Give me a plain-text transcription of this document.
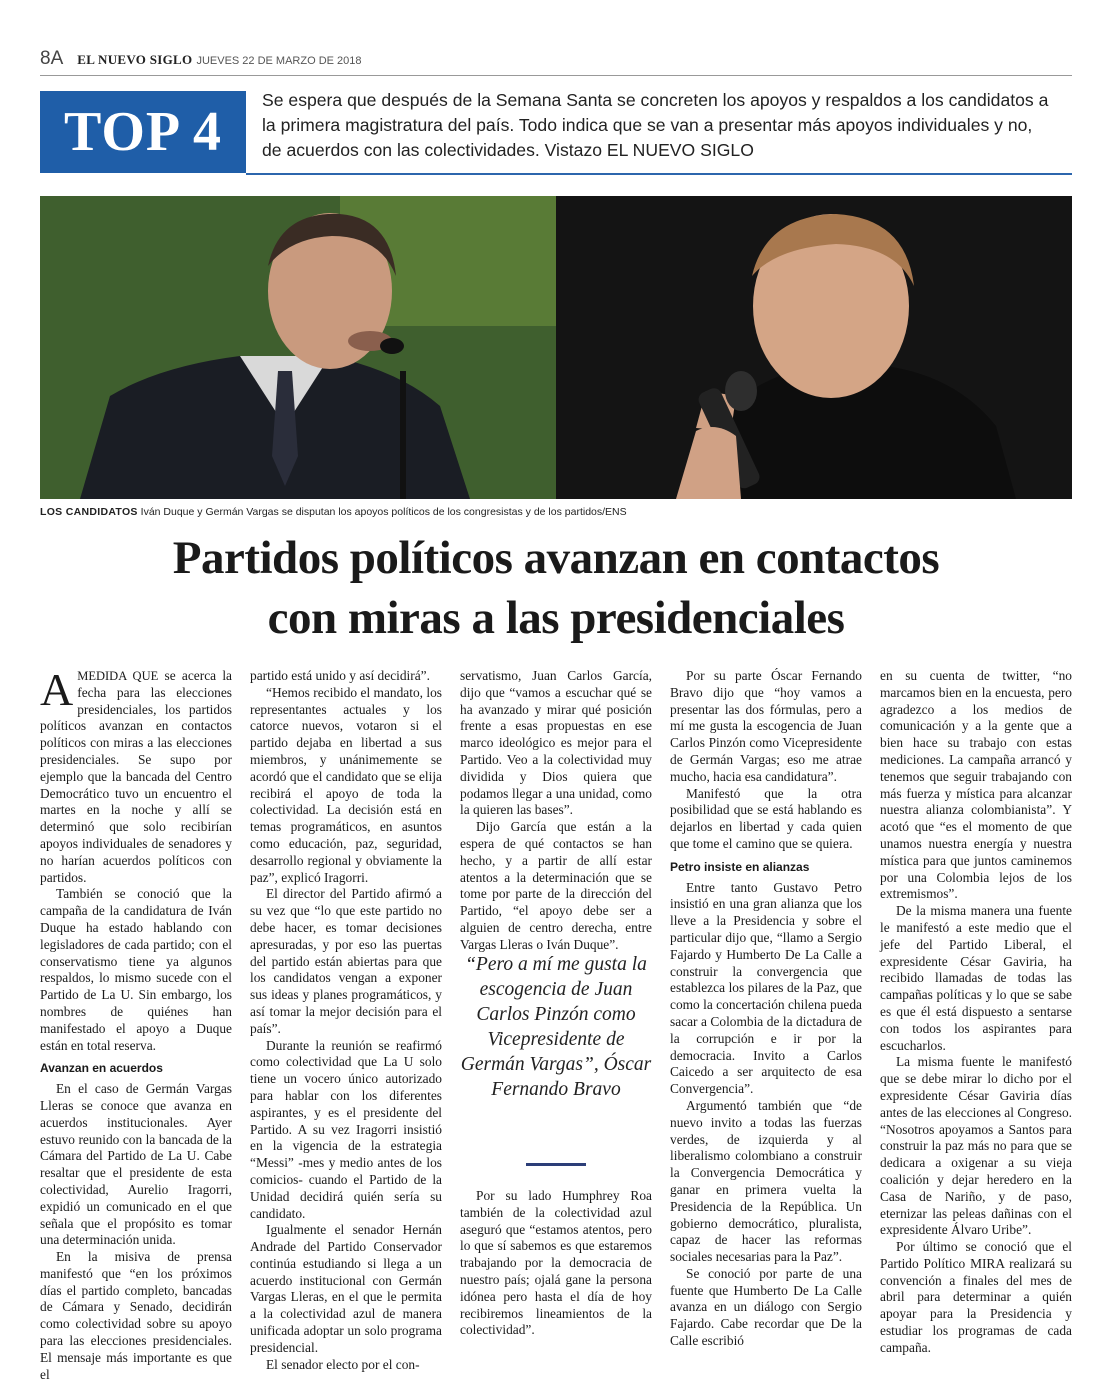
8A EL NUEVO SIGLO JUEVES 22 DE MARZO DE 2018
TOP 4
Se espera que después de la Semana Santa se concreten los apoyos y respaldos a los candidatos a la primera magistratura del país. Todo indica que se van a presentar más apoyos individuales y no, de acuerdos con las colectividades. Vistazo EL NUEVO SIGLO
LOS CANDIDATOS Iván Duque y Germán Vargas se disputan los apoyos políticos de los congresistas y de los partidos/ENS
Partidos políticos avanzan en contactos
con miras a las presidenciales

AMEDIDA QUE se acerca la fecha para las elecciones presidenciales, los partidos políticos avanzan en contactos políticos con miras a las elecciones presidenciales. Se supo por ejemplo que la bancada del Centro Democrático tuvo un encuentro el martes en la noche y allí se determinó que solo recibirían apoyos individuales de senadores y no harían acuerdos políticos con partidos.

También se conoció que la campaña de la candidatura de Iván Duque ha estado hablando con legisladores de cada partido; con el conservatismo tiene ya algunos respaldos, lo mismo sucede con el Partido de La U. Sin embargo, los nombres de quiénes han manifestado el apoyo a Duque están en total reserva.

Avanzan en acuerdos

En el caso de Germán Vargas Lleras se conoce que avanza en acuerdos institucionales. Ayer estuvo reunido con la bancada de la Cámara del Partido de La U. Cabe resaltar que el presidente de esta colectividad, Aurelio Iragorri, expidió un comunicado en el que señala que el propósito es tomar una determinación unida.

En la misiva de prensa manifestó que “en los próximos días el partido completo, bancadas de Cámara y Senado, decidirán como colectividad sobre su apoyo para las elecciones presidenciales. El mensaje más importante es que el

partido está unido y así decidirá”.

“Hemos recibido el mandato, los representantes actuales y los catorce nuevos, votaron si el partido dejaba en libertad a sus miembros, y unánimemente se acordó que el candidato que se elija recibirá el apoyo de toda la colectividad. La decisión está en temas programáticos, en asuntos como educación, paz, seguridad, desarrollo regional y obviamente la paz”, explicó Iragorri.

El director del Partido afirmó a su vez que “lo que este partido no debe hacer, es tomar decisiones apresuradas, y por eso las puertas del partido están abiertas para que los candidatos vengan a exponer sus ideas y planes programáticos, y así tomar la mejor decisión para el país”.

Durante la reunión se reafirmó como colectividad que La U solo tiene un vocero único autorizado para hablar con los diferentes aspirantes, y es el presidente del Partido. A su vez Iragorri insistió en la vigencia de la estrategia “Messi” -mes y medio antes de los comicios- cuando el Partido de la Unidad decidirá quién sería su candidato.

Igualmente el senador Hernán Andrade del Partido Conservador continúa estudiando si llega a un acuerdo institucional con Germán Vargas Lleras, en el que le permita a la colectividad azul de manera unificada adoptar un solo programa presidencial.

El senador electo por el con-

servatismo, Juan Carlos García, dijo que “vamos a escuchar qué se ha avanzado y mirar qué posición frente a esas propuestas en ese marco ideológico es mejor para el Partido. Veo a la colectividad muy dividida y Dios quiera que podamos llegar a una unidad, como la quieren las bases”.

Dijo García que están a la espera de qué contactos se han hecho, y a partir de allí estar atentos a la determinación que se tome por parte de la dirección del Partido, “el apoyo debe ser a alguien de centro derecha, entre Vargas Lleras o Iván Duque”.

“Pero a mí me gusta la escogencia de Juan Carlos Pinzón como Vicepresidente de Germán Vargas”, Óscar Fernando Bravo

Por su lado Humphrey Roa también de la colectividad azul aseguró que “estamos atentos, pero lo que sí sabemos es que estaremos trabajando por la democracia de nuestro país; ojalá gane la persona idónea pero hasta el día de hoy recibiremos lineamientos de la colectividad”.

Por su parte Óscar Fernando Bravo dijo que “hoy vamos a presentar las dos fórmulas, pero a mí me gusta la escogencia de Juan Carlos Pinzón como Vicepresidente de Germán Vargas; eso me atrae mucho, hacia esa candidatura”.

Manifestó que la otra posibilidad que se está hablando es dejarlos en libertad y cada quien que tome el camino que se quiera.

Petro insiste en alianzas

Entre tanto Gustavo Petro insistió en una gran alianza que los lleve a la Presidencia y sobre el particular dijo que, “llamo a Sergio Fajardo y Humberto De La Calle a construir la convergencia que establezca los pilares de la Paz, que como la concertación chilena pueda sacar a Colombia de la dictadura de la corrupción e ir por la democracia. Invito a Carlos Caicedo a ser arquitecto de esa Convergencia”.

Argumentó también que “de nuevo invito a todas las fuerzas verdes, de izquierda y al liberalismo colombiano a construir la Convergencia Democrática y ganar en primera vuelta la Presidencia de la República. Un gobierno democrático, pluralista, capaz de hacer las reformas sociales necesarias para la Paz”.

Se conoció por parte de una fuente que Humberto De La Calle avanza en un diálogo con Sergio Fajardo. Cabe recordar que De la Calle escribió

en su cuenta de twitter, “no marcamos bien en la encuesta, pero agradezco a los medios de comunicación y a la gente que a bien hace su trabajo con estas mediciones. La campaña arrancó y tenemos que seguir trabajando con más fuerza y mística para alcanzar nuestra alianza colombianista”. Y acotó que “es el momento de que unamos nuestra energía y nuestra mística para que juntos caminemos por una Colombia lejos de los extremismos”.

De la misma manera una fuente le manifestó a este medio que el jefe del Partido Liberal, el expresidente César Gaviria, ha recibido llamadas de todas las campañas políticas y lo que se sabe es que él está dispuesto a sentarse con todos los aspirantes para escucharlos.

La misma fuente le manifestó que se debe mirar lo dicho por el expresidente César Gaviria días antes de las elecciones al Congreso. “Nosotros apoyamos a Santos para construir la paz más no para que se dedicara a oxigenar a su vieja coalición y dejar heredero en la Casa de Nariño, y de paso, eternizar las peleas dañinas con el expresidente Álvaro Uribe”.

Por último se conoció que el Partido Político MIRA realizará su convención a finales del mes de abril para determinar a quién apoyar para la Presidencia y estudiar los programas de cada campaña.
